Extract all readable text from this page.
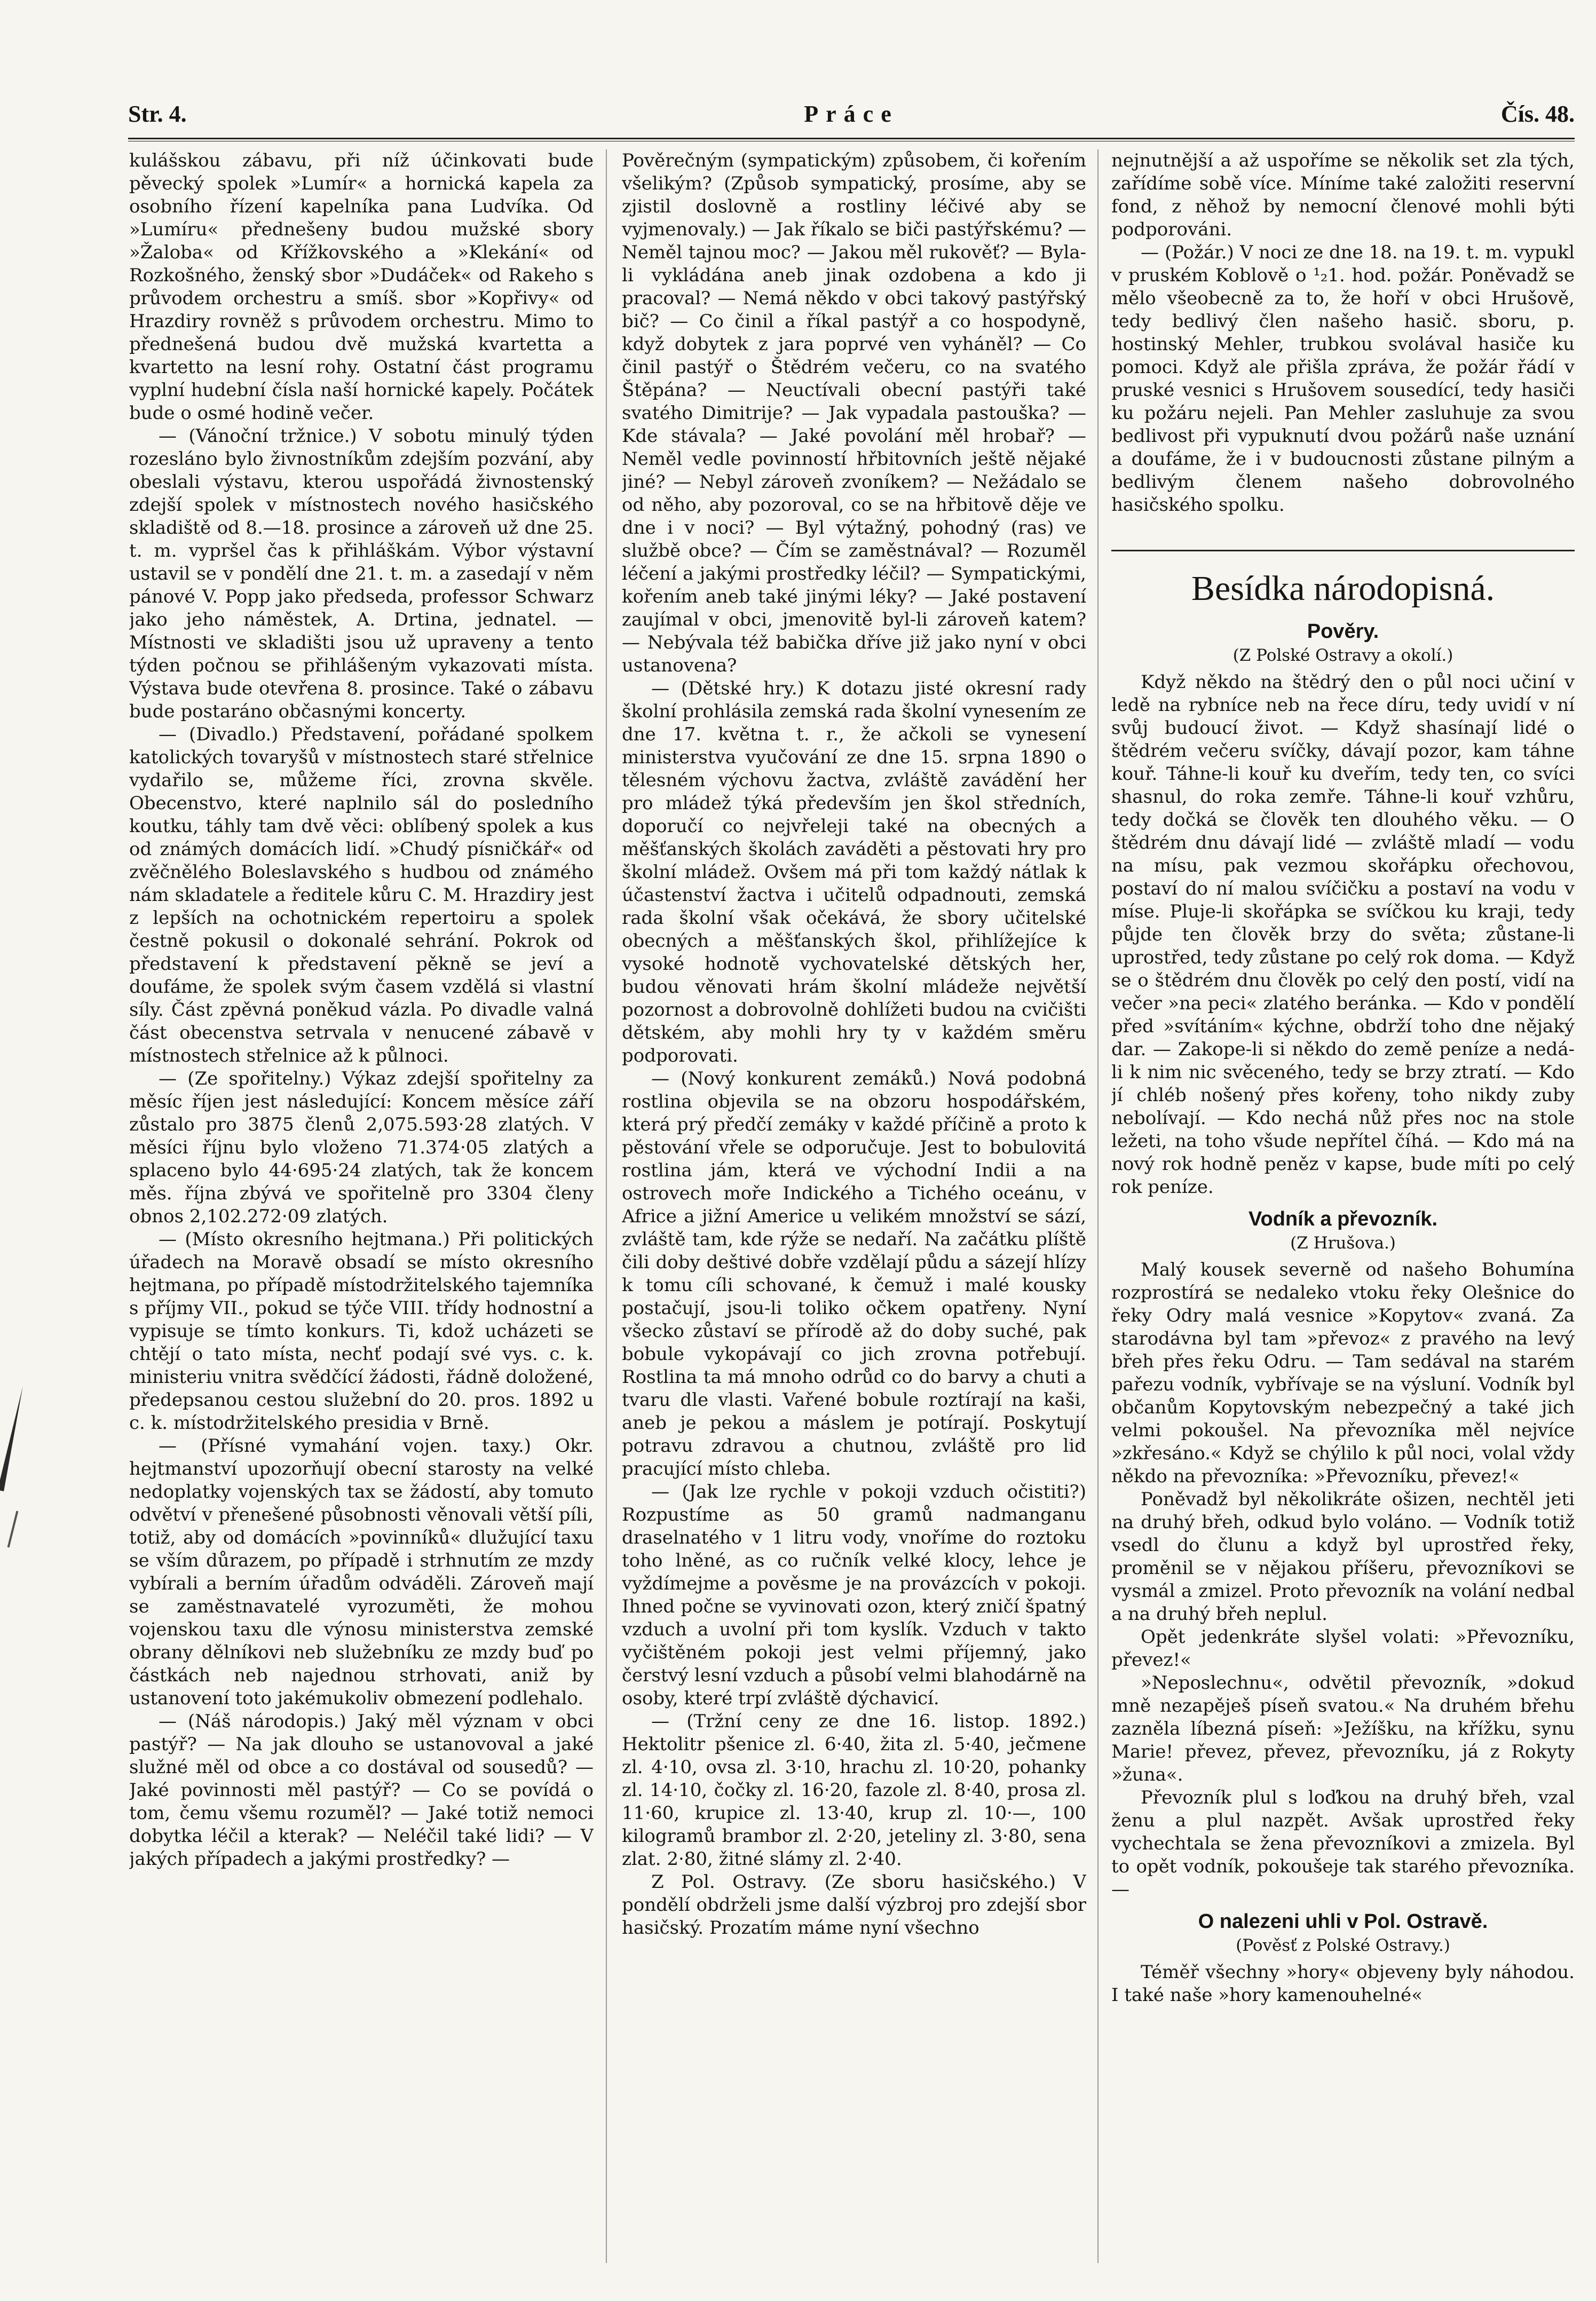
Str. 4.	Práce	Čís. 48.

kulášskou zábavu, při níž účinkovati bude pěvecký spolek »Lumír« a hornická kapela za osobního řízení kapelníka pana Ludvíka. Od »Lumíru« přednešeny budou mužské sbory »Žaloba« od Křížkovského a »Klekání« od Rozkošného, ženský sbor »Dudáček« od Rakeho s průvodem orchestru a smíš. sbor »Kopřivy« od Hrazdiry rovněž s průvodem orchestru. Mimo to přednešená budou dvě mužská kvartetta a kvartetto na lesní rohy. Ostatní část programu vyplní hudební čísla naší hornické kapely. Počátek bude o osmé hodině večer.

— (Vánoční tržnice.) V sobotu minulý týden rozesláno bylo živnostníkům zdejším pozvání, aby obeslali výstavu, kterou uspořádá živnostenský zdejší spolek v místnostech nového hasičského skladiště od 8.—18. prosince a zároveň už dne 25. t. m. vypršel čas k přihláškám. Výbor výstavní ustavil se v pondělí dne 21. t. m. a zasedají v něm pánové V. Popp jako předseda, professor Schwarz jako jeho náměstek, A. Drtina, jednatel. — Místnosti ve skladišti jsou už upraveny a tento týden počnou se přihlášeným vykazovati místa. Výstava bude otevřena 8. prosince. Také o zábavu bude postaráno občasnými koncerty.

— (Divadlo.) Představení, pořádané spolkem katolických tovaryšů v místnostech staré střelnice vydařilo se, můžeme říci, zrovna skvěle. Obecenstvo, které naplnilo sál do posledního koutku, táhly tam dvě věci: oblíbený spolek a kus od známých domácích lidí. »Chudý písničkář« od zvěčnělého Boleslavského s hudbou od známého nám skladatele a ředitele kůru C. M. Hrazdiry jest z lepších na ochotnickém repertoiru a spolek čestně pokusil o dokonalé sehrání. Pokrok od představení k představení pěkně se jeví a doufáme, že spolek svým časem vzdělá si vlastní síly. Část zpěvná poněkud vázla. Po divadle valná část obecenstva setrvala v nenucené zábavě v místnostech střelnice až k půlnoci.

— (Ze spořitelny.) Výkaz zdejší spořitelny za měsíc říjen jest následující: Koncem měsíce září zůstalo pro 3875 členů 2,075.593·28 zlatých. V měsíci říjnu bylo vloženo 71.374·05 zlatých a splaceno bylo 44·695·24 zlatých, tak že koncem měs. října zbývá ve spořitelně pro 3304 členy obnos 2,102.272·09 zlatých.

— (Místo okresního hejtmana.) Při politických úřadech na Moravě obsadí se místo okresního hejtmana, po případě místodržitelského tajemníka s příjmy VII., pokud se týče VIII. třídy hodnostní a vypisuje se tímto konkurs. Ti, kdož ucházeti se chtějí o tato místa, nechť podají své vys. c. k. ministeriu vnitra svědčící žádosti, řádně doložené, předepsanou cestou služební do 20. pros. 1892 u c. k. místodržitelského presidia v Brně.

— (Přísné vymahání vojen. taxy.) Okr. hejtmanství upozorňují obecní starosty na velké nedoplatky vojenských tax se žádostí, aby tomuto odvětví v přenešené působnosti věnovali větší píli, totiž, aby od domácích »povinníků« dlužující taxu se vším důrazem, po případě i strhnutím ze mzdy vybírali a berním úřadům odváděli. Zároveň mají se zaměstnavatelé vyrozuměti, že mohou vojenskou taxu dle výnosu ministerstva zemské obrany dělníkovi neb služebníku ze mzdy buď po částkách neb najednou strhovati, aniž by ustanovení toto jakémukoliv obmezení podlehalo.

— (Náš národopis.) Jaký měl význam v obci pastýř? — Na jak dlouho se ustanovoval a jaké služné měl od obce a co dostával od sousedů? — Jaké povinnosti měl pastýř? — Co se povídá o tom, čemu všemu rozuměl? — Jaké totiž nemoci dobytka léčil a kterak? — Neléčil také lidi? — V jakých případech a jakými prostředky? —

Pověrečným (sympatickým) způsobem, či kořením všelikým? (Způsob sympatický, prosíme, aby se zjistil doslovně a rostliny léčivé aby se vyjmenovaly.) — Jak říkalo se biči pastýřskému? — Neměl tajnou moc? — Jakou měl rukověť? — Byla-li vykládána aneb jinak ozdobena a kdo ji pracoval? — Nemá někdo v obci takový pastýřský bič? — Co činil a říkal pastýř a co hospodyně, když dobytek z jara poprvé ven vyháněl? — Co činil pastýř o Štědrém večeru, co na svatého Štěpána? — Neuctívali obecní pastýři také svatého Dimitrije? — Jak vypadala pastouška? — Kde stávala? — Jaké povolání měl hrobař? — Neměl vedle povinností hřbitovních ještě nějaké jiné? — Nebyl zároveň zvoníkem? — Nežádalo se od něho, aby pozoroval, co se na hřbitově děje ve dne i v noci? — Byl výtažný, pohodný (ras) ve službě obce? — Čím se zaměstnával? — Rozuměl léčení a jakými prostředky léčil? — Sympatickými, kořením aneb také jinými léky? — Jaké postavení zaujímal v obci, jmenovitě byl-li zároveň katem? — Nebývala též babička dříve již jako nyní v obci ustanovena?

— (Dětské hry.) K dotazu jisté okresní rady školní prohlásila zemská rada školní vynesením ze dne 17. května t. r., že ačkoli se vynesení ministerstva vyučování ze dne 15. srpna 1890 o tělesném výchovu žactva, zvláště zavádění her pro mládež týká především jen škol středních, doporučí co nejvřeleji také na obecných a měšťanských školách zaváděti a pěstovati hry pro školní mládež. Ovšem má při tom každý nátlak k účastenství žactva i učitelů odpadnouti, zemská rada školní však očekává, že sbory učitelské obecných a měšťanských škol, přihlížejíce k vysoké hodnotě vychovatelské dětských her, budou věnovati hrám školní mládeže největší pozornost a dobrovolně dohlížeti budou na cvičišti dětském, aby mohli hry ty v každém směru podporovati.

— (Nový konkurent zemáků.) Nová podobná rostlina objevila se na obzoru hospodářském, která prý předčí zemáky v každé příčině a proto k pěstování vřele se odporučuje. Jest to bobulovitá rostlina jám, která ve východní Indii a na ostrovech moře Indického a Tichého oceánu, v Africe a jižní Americe u velikém množství se sází, zvláště tam, kde rýže se nedaří. Na začátku plíště čili doby deštivé dobře vzdělají půdu a sázejí hlízy k tomu cíli schované, k čemuž i malé kousky postačují, jsou-li toliko očkem opatřeny. Nyní všecko zůstaví se přírodě až do doby suché, pak bobule vykopávají co jich zrovna potřebují. Rostlina ta má mnoho odrůd co do barvy a chuti a tvaru dle vlasti. Vařené bobule roztírají na kaši, aneb je pekou a máslem je potírají. Poskytují potravu zdravou a chutnou, zvláště pro lid pracující místo chleba.

— (Jak lze rychle v pokoji vzduch očistiti?) Rozpustíme as 50 gramů nadmanganu draselnatého v 1 litru vody, vnoříme do roztoku toho lněné, as co ručník velké klocy, lehce je vyždímejme a pověsme je na provázcích v pokoji. Ihned počne se vyvinovati ozon, který zničí špatný vzduch a uvolní při tom kyslík. Vzduch v takto vyčištěném pokoji jest velmi příjemný, jako čerstvý lesní vzduch a působí velmi blahodárně na osoby, které trpí zvláště dýchavicí.

— (Tržní ceny ze dne 16. listop. 1892.) Hektolitr pšenice zl. 6·40, žita zl. 5·40, ječmene zl. 4·10, ovsa zl. 3·10, hrachu zl. 10·20, pohanky zl. 14·10, čočky zl. 16·20, fazole zl. 8·40, prosa zl. 11·60, krupice zl. 13·40, krup zl. 10·—, 100 kilogramů brambor zl. 2·20, jeteliny zl. 3·80, sena zlat. 2·80, žitné slámy zl. 2·40.

Z Pol. Ostravy. (Ze sboru hasičského.) V pondělí obdrželi jsme další výzbroj pro zdejší sbor hasičský. Prozatím máme nyní všechno

nejnutnější a až uspoříme se několik set zla tých, zařídíme sobě více. Míníme také založiti reservní fond, z něhož by nemocní členové mohli býti podporováni.

— (Požár.) V noci ze dne 18. na 19. t. m. vypukl v pruském Koblově o ¹₂1. hod. požár. Poněvadž se mělo všeobecně za to, že hoří v obci Hrušově, tedy bedlivý člen našeho hasič. sboru, p. hostinský Mehler, trubkou svolával hasiče ku pomoci. Když ale přišla zpráva, že požár řádí v pruské vesnici s Hrušovem sousedící, tedy hasiči ku požáru nejeli. Pan Mehler zasluhuje za svou bedlivost při vypuknutí dvou požárů naše uznání a doufáme, že i v budoucnosti zůstane pilným a bedlivým členem našeho dobrovolného hasičského spolku.

Besídka národopisná.
Pověry.
(Z Polské Ostravy a okolí.)

Když někdo na štědrý den o půl noci učiní v ledě na rybníce neb na řece díru, tedy uvidí v ní svůj budoucí život. — Když shasínají lidé o štědrém večeru svíčky, dávají pozor, kam táhne kouř. Táhne-li kouř ku dveřím, tedy ten, co svíci shasnul, do roka zemře. Táhne-li kouř vzhůru, tedy dočká se člověk ten dlouhého věku. — O štědrém dnu dávají lidé — zvláště mladí — vodu na mísu, pak vezmou skořápku ořechovou, postaví do ní malou svíčičku a postaví na vodu v míse. Pluje-li skořápka se svíčkou ku kraji, tedy půjde ten člověk brzy do světa; zůstane-li uprostřed, tedy zůstane po celý rok doma. — Když se o štědrém dnu člověk po celý den postí, vidí na večer »na peci« zlatého beránka. — Kdo v pondělí před »svítáním« kýchne, obdrží toho dne nějaký dar. — Zakope-li si někdo do země peníze a nedá-li k nim nic svěceného, tedy se brzy ztratí. — Kdo jí chléb nošený přes kořeny, toho nikdy zuby nebolívají. — Kdo nechá nůž přes noc na stole ležeti, na toho všude nepřítel číhá. — Kdo má na nový rok hodně peněz v kapse, bude míti po celý rok peníze.

Vodník a převozník.
(Z Hrušova.)

Malý kousek severně od našeho Bohumína rozprostírá se nedaleko vtoku řeky Olešnice do řeky Odry malá vesnice »Kopytov« zvaná. Za starodávna byl tam »převoz« z pravého na levý břeh přes řeku Odru. — Tam sedával na starém pařezu vodník, vybřívaje se na výsluní. Vodník byl občanům Kopytovským nebezpečný a také jich velmi pokoušel. Na převozníka měl nejvíce »zkřesáno.« Když se chýlilo k půl noci, volal vždy někdo na převozníka: »Převozníku, převez!«

Poněvadž byl několikráte ošizen, nechtěl jeti na druhý břeh, odkud bylo voláno. — Vodník totiž vsedl do člunu a když byl uprostřed řeky, proměnil se v nějakou příšeru, převozníkovi se vysmál a zmizel. Proto převozník na volání nedbal a na druhý břeh neplul.

Opět jedenkráte slyšel volati: »Převozníku, převez!«

»Neposlechnu«, odvětil převozník, »dokud mně nezapěješ píseň svatou.« Na druhém břehu zazněla líbezná píseň: »Ježíšku, na křížku, synu Marie! převez, převez, převozníku, já z Rokyty »žuna«.

Převozník plul s loďkou na druhý břeh, vzal ženu a plul nazpět. Avšak uprostřed řeky vychechtala se žena převozníkovi a zmizela. Byl to opět vodník, pokoušeje tak starého převozníka. —

O nalezeni uhli v Pol. Ostravě.
(Pověsť z Polské Ostravy.)

Téměř všechny »hory« objeveny byly náhodou. I také naše »hory kamenouhelné«
